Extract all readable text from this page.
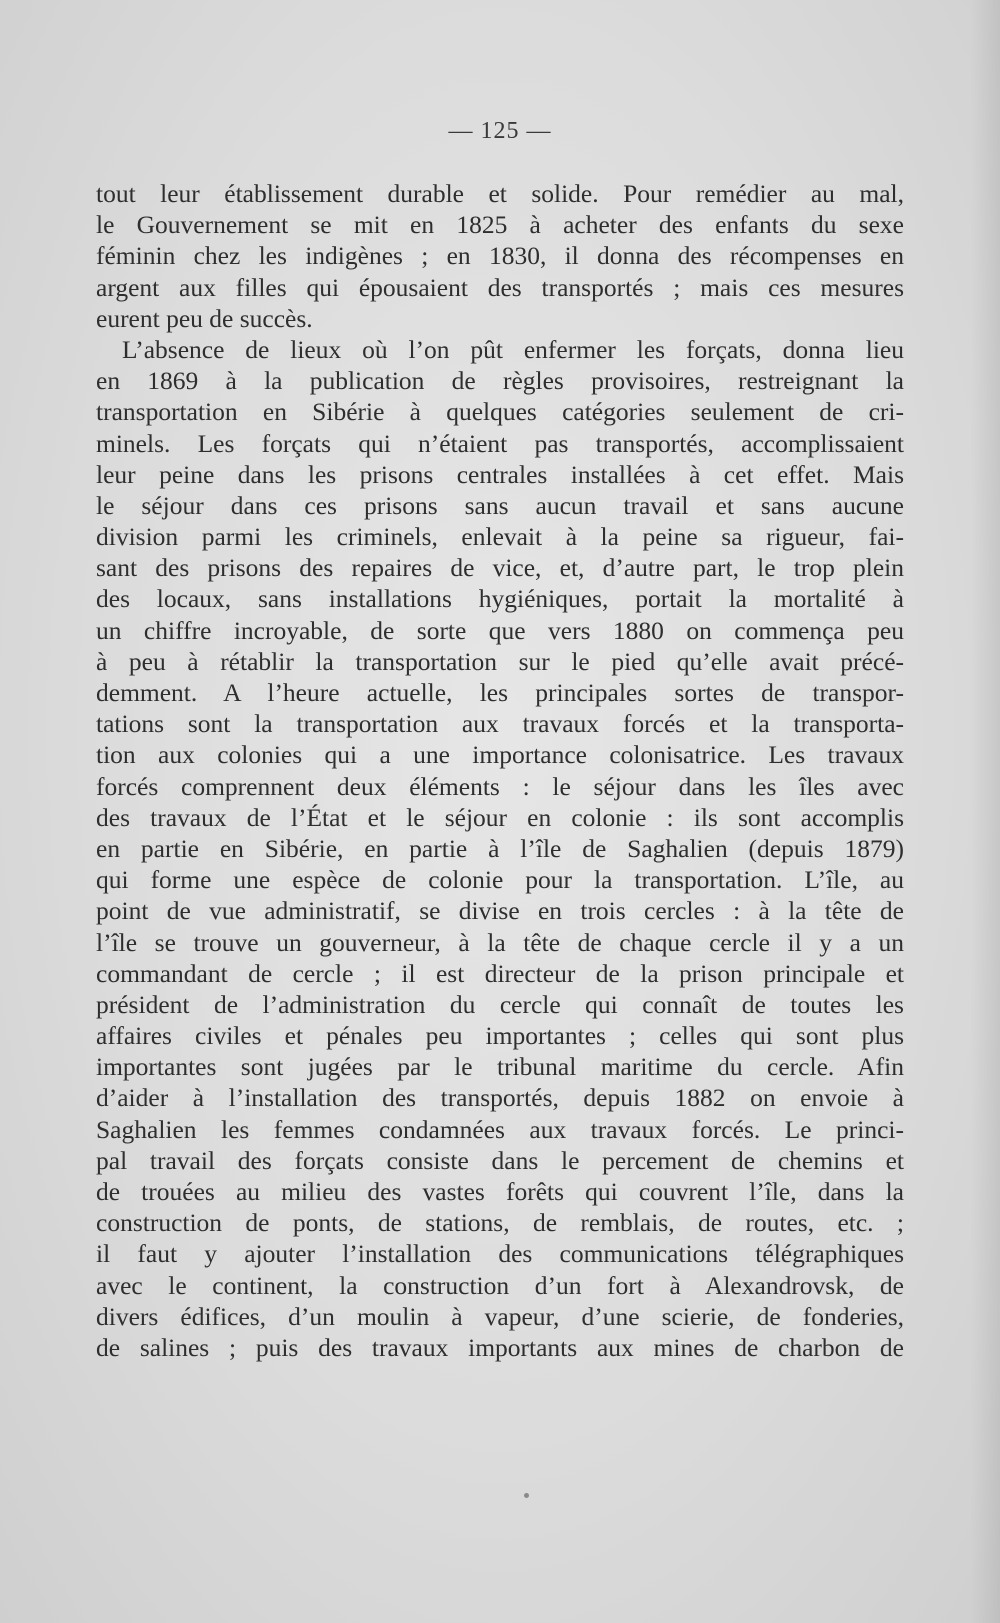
— 125 —
tout leur établissement durable et solide. Pour remédier au mal,
le Gouvernement se mit en 1825 à acheter des enfants du sexe
féminin chez les indigènes ; en 1830, il donna des récompenses en
argent aux filles qui épousaient des transportés ; mais ces mesures
eurent peu de succès.
L’absence de lieux où l’on pût enfermer les forçats, donna lieu
en 1869 à la publication de règles provisoires, restreignant la
transportation en Sibérie à quelques catégories seulement de cri-
minels. Les forçats qui n’étaient pas transportés, accomplissaient
leur peine dans les prisons centrales installées à cet effet. Mais
le séjour dans ces prisons sans aucun travail et sans aucune
division parmi les criminels, enlevait à la peine sa rigueur, fai-
sant des prisons des repaires de vice, et, d’autre part, le trop plein
des locaux, sans installations hygiéniques, portait la mortalité à
un chiffre incroyable, de sorte que vers 1880 on commença peu
à peu à rétablir la transportation sur le pied qu’elle avait précé-
demment. A l’heure actuelle, les principales sortes de transpor-
tations sont la transportation aux travaux forcés et la transporta-
tion aux colonies qui a une importance colonisatrice. Les travaux
forcés comprennent deux éléments : le séjour dans les îles avec
des travaux de l’État et le séjour en colonie : ils sont accomplis
en partie en Sibérie, en partie à l’île de Saghalien (depuis 1879)
qui forme une espèce de colonie pour la transportation. L’île, au
point de vue administratif, se divise en trois cercles : à la tête de
l’île se trouve un gouverneur, à la tête de chaque cercle il y a un
commandant de cercle ; il est directeur de la prison principale et
président de l’administration du cercle qui connaît de toutes les
affaires civiles et pénales peu importantes ; celles qui sont plus
importantes sont jugées par le tribunal maritime du cercle. Afin
d’aider à l’installation des transportés, depuis 1882 on envoie à
Saghalien les femmes condamnées aux travaux forcés. Le princi-
pal travail des forçats consiste dans le percement de chemins et
de trouées au milieu des vastes forêts qui couvrent l’île, dans la
construction de ponts, de stations, de remblais, de routes, etc. ;
il faut y ajouter l’installation des communications télégraphiques
avec le continent, la construction d’un fort à Alexandrovsk, de
divers édifices, d’un moulin à vapeur, d’une scierie, de fonderies,
de salines ; puis des travaux importants aux mines de charbon de
